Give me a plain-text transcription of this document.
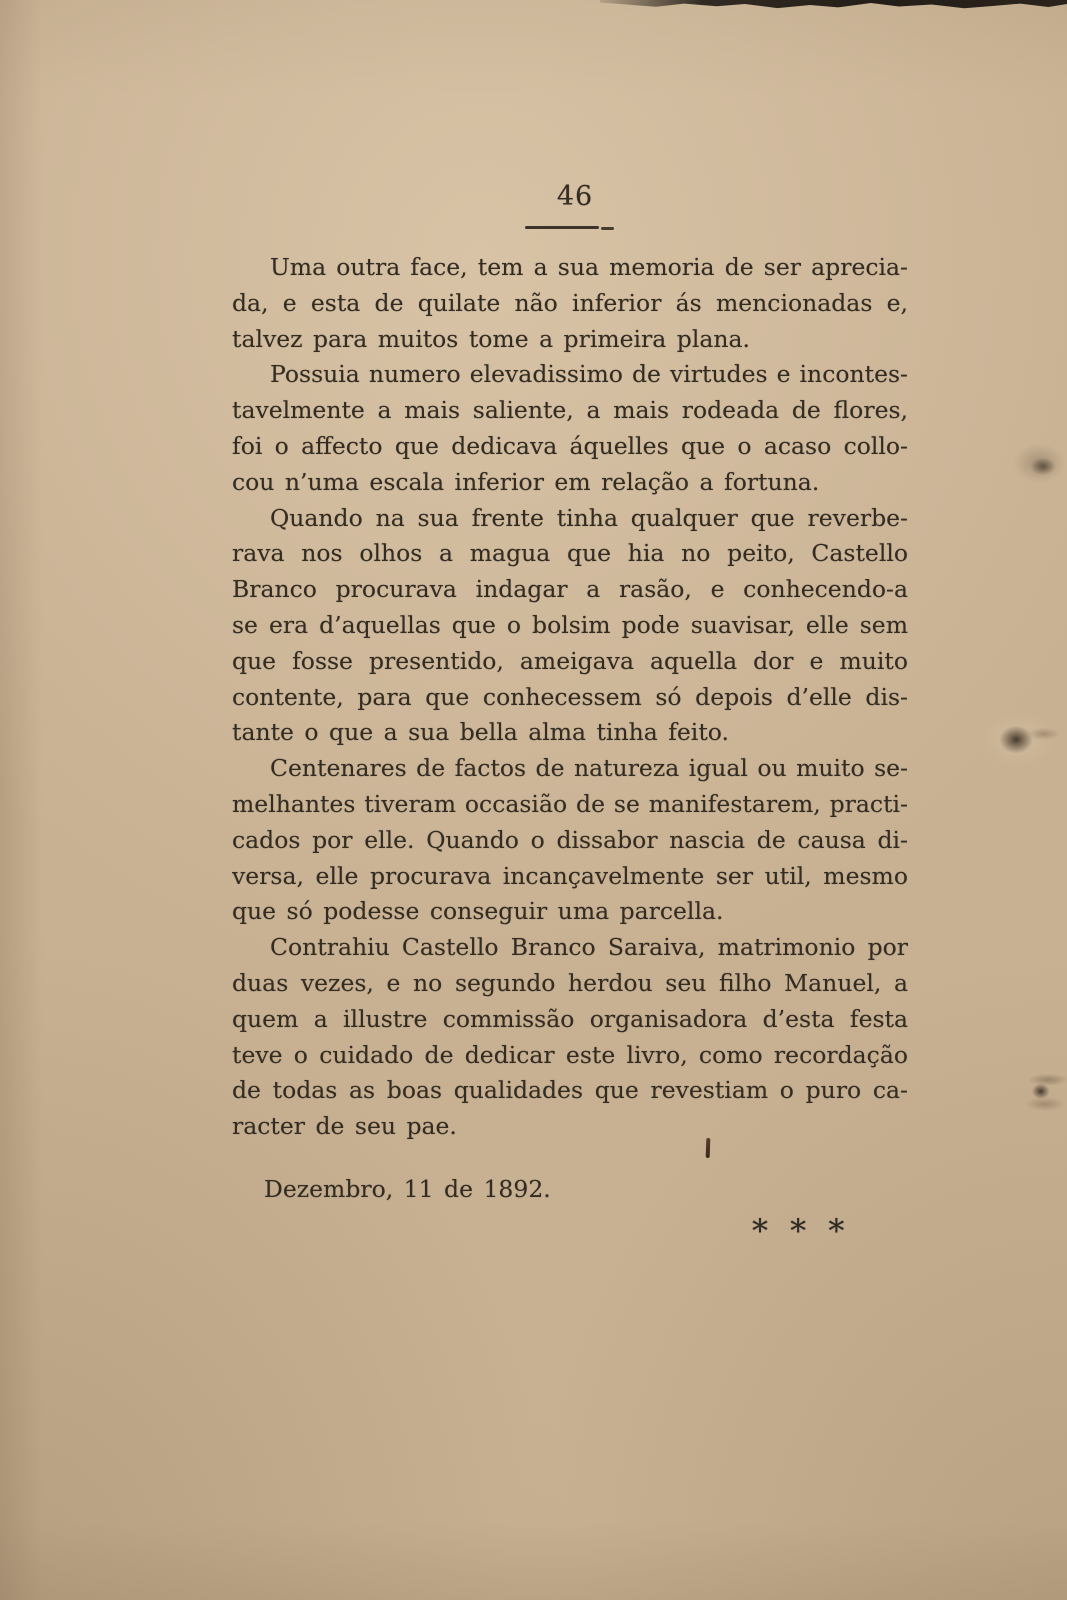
46
Uma outra face, tem a sua memoria de ser aprecia-
da, e esta de quilate não inferior ás mencionadas e,
talvez para muitos tome a primeira plana.
Possuia numero elevadissimo de virtudes e incontes-
tavelmente a mais saliente, a mais rodeada de flores,
foi o affecto que dedicava áquelles que o acaso collo-
cou n’uma escala inferior em relação a fortuna.
Quando na sua frente tinha qualquer que reverbe-
rava nos olhos a magua que hia no peito, Castello
Branco procurava indagar a rasão, e conhecendo-a
se era d’aquellas que o bolsim pode suavisar, elle sem
que fosse presentido, ameigava aquella dor e muito
contente, para que conhecessem só depois d’elle dis-
tante o que a sua bella alma tinha feito.
Centenares de factos de natureza igual ou muito se-
melhantes tiveram occasião de se manifestarem, practi-
cados por elle. Quando o dissabor nascia de causa di-
versa, elle procurava incançavelmente ser util, mesmo
que só podesse conseguir uma parcella.
Contrahiu Castello Branco Saraiva, matrimonio por
duas vezes, e no segundo herdou seu filho Manuel, a
quem a illustre commissão organisadora d’esta festa
teve o cuidado de dedicar este livro, como recordação
de todas as boas qualidades que revestiam o puro ca-
racter de seu pae.
Dezembro, 11 de 1892.
* * *
